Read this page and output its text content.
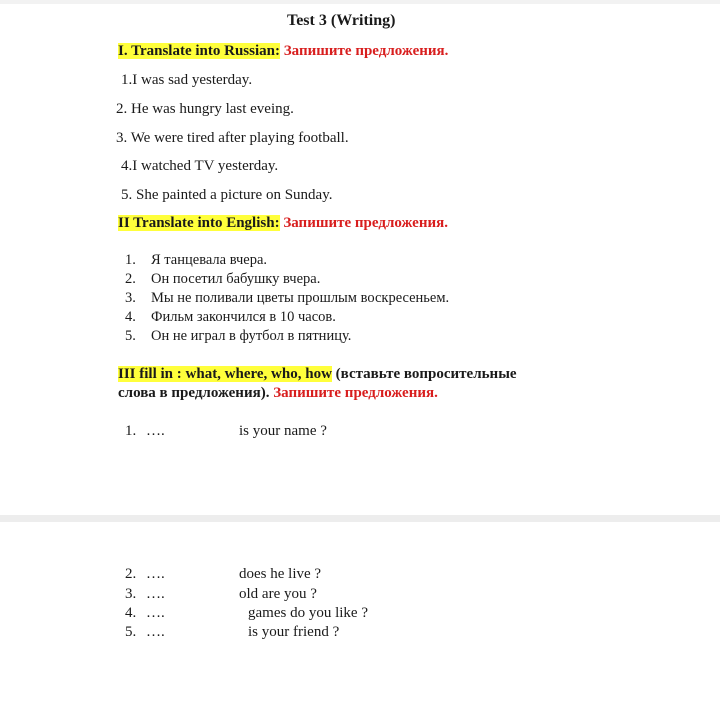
Test 3 (Writing)
I. Translate into Russian: Запишите предложения.
1.I was sad yesterday.
2. He was hungry last eveing.
3. We were tired after playing football.
4.I watched TV yesterday.
5. She painted a picture on Sunday.
II Translate into English: Запишите предложения.
1. Я танцевала вчера.
2. Он посетил бабушку вчера.
3. Мы не поливали цветы прошлым воскресеньем.
4. Фильм закончился в 10 часов.
5. Он не играл в футбол в пятницу.
III fill in : what, where, who, how (вставьте вопросительные
слова в предложения). Запишите предложения.
1. ….	is your name ?
2. ….	does he live ?
3. ….	old are you ?
4. ….	games do you like ?
5. ….	is your friend ?
